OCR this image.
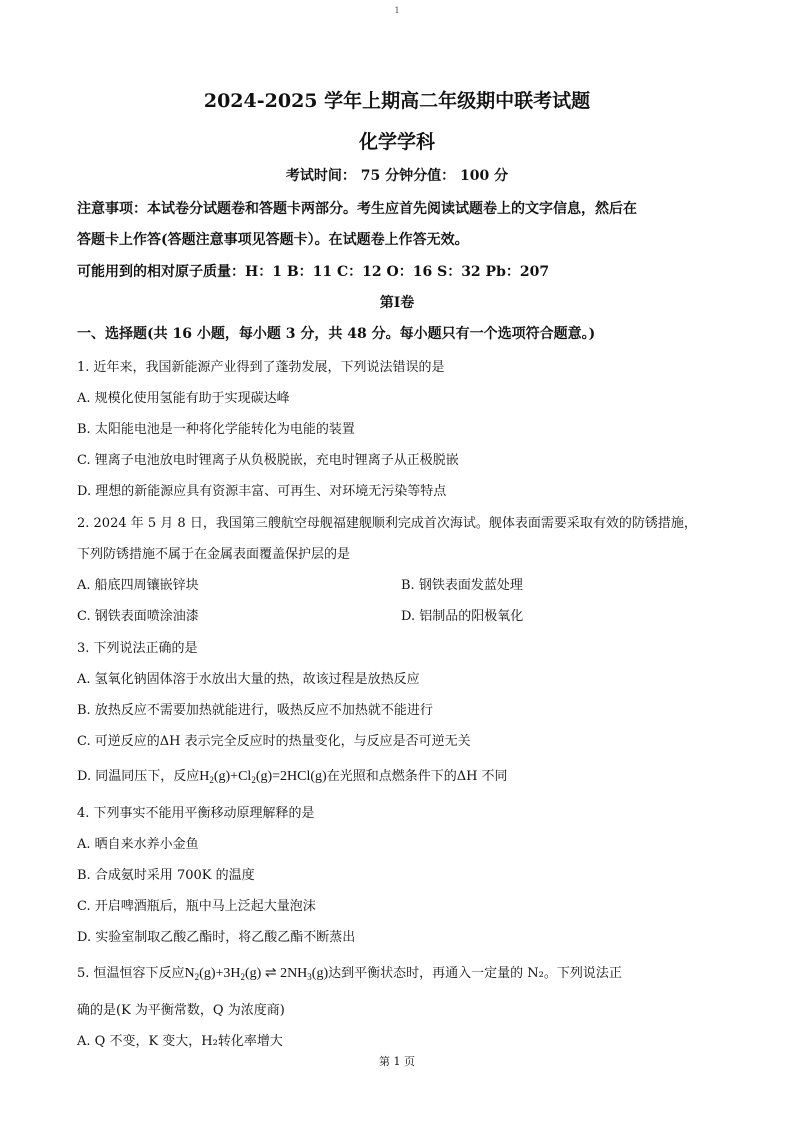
1
2024-2025 学年上期高二年级期中联考试题
化学学科
考试时间： 75 分钟分值： 100 分
注意事项：本试卷分试题卷和答题卡两部分。考生应首先阅读试题卷上的文字信息，然后在
答题卡上作答(答题注意事项见答题卡）。在试题卷上作答无效。
可能用到的相对原子质量：H：1 B：11 C：12 O：16 S：32 Pb：207
第Ⅰ卷
一、选择题(共 16 小题，每小题 3 分，共 48 分。每小题只有一个选项符合题意。)
1. 近年来，我国新能源产业得到了蓬勃发展，下列说法错误的是
A. 规模化使用氢能有助于实现碳达峰
B. 太阳能电池是一种将化学能转化为电能的装置
C. 锂离子电池放电时锂离子从负极脱嵌，充电时锂离子从正极脱嵌
D. 理想的新能源应具有资源丰富、可再生、对环境无污染等特点
2. 2024 年 5 月 8 日，我国第三艘航空母舰福建舰顺利完成首次海试。舰体表面需要采取有效的防锈措施，
下列防锈措施不属于在金属表面覆盖保护层的是
A. 船底四周镶嵌锌块	B. 钢铁表面发蓝处理
C. 钢铁表面喷涂油漆	D. 铝制品的阳极氧化
3. 下列说法正确的是
A. 氢氧化钠固体溶于水放出大量的热，故该过程是放热反应
B. 放热反应不需要加热就能进行，吸热反应不加热就不能进行
C. 可逆反应的ΔH 表示完全反应时的热量变化，与反应是否可逆无关
D. 同温同压下，反应$H_2(g)+Cl_2(g)=2HCl(g)$在光照和点燃条件下的ΔH 不同
4. 下列事实不能用平衡移动原理解释的是
A. 晒自来水养小金鱼
B. 合成氨时采用 700K 的温度
C. 开启啤酒瓶后，瓶中马上泛起大量泡沫
D. 实验室制取乙酸乙酯时，将乙酸乙酯不断蒸出
5. 恒温恒容下反应$N_2(g)+3H_2(g)$ ⇌ $2NH_3(g)$达到平衡状态时，再通入一定量的 N₂。下列说法正
确的是(K 为平衡常数，Q 为浓度商)
A. Q 不变，K 变大，H₂转化率增大
第 1 页
